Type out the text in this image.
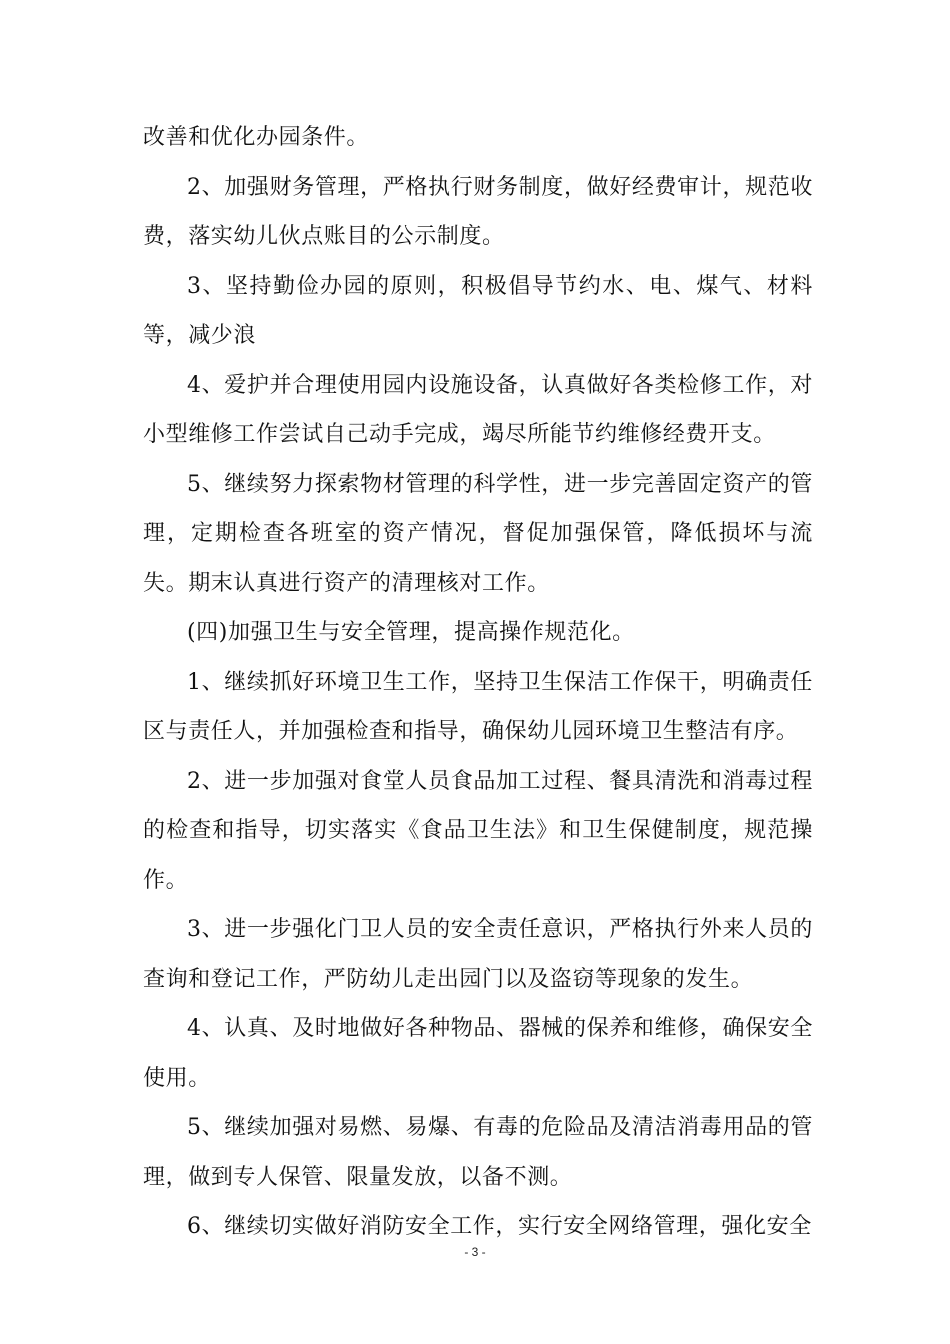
改善和优化办园条件。

2、加强财务管理，严格执行财务制度，做好经费审计，规范收费，落实幼儿伙点账目的公示制度。

3、坚持勤俭办园的原则，积极倡导节约水、电、煤气、材料等，减少浪

4、爱护并合理使用园内设施设备，认真做好各类检修工作，对小型维修工作尝试自己动手完成，竭尽所能节约维修经费开支。

5、继续努力探索物材管理的科学性，进一步完善固定资产的管理，定期检查各班室的资产情况，督促加强保管，降低损坏与流失。期末认真进行资产的清理核对工作。

(四)加强卫生与安全管理，提高操作规范化。

1、继续抓好环境卫生工作，坚持卫生保洁工作保干，明确责任区与责任人，并加强检查和指导，确保幼儿园环境卫生整洁有序。

2、进一步加强对食堂人员食品加工过程、餐具清洗和消毒过程的检查和指导，切实落实《食品卫生法》和卫生保健制度，规范操作。

3、进一步强化门卫人员的安全责任意识，严格执行外来人员的查询和登记工作，严防幼儿走出园门以及盗窃等现象的发生。

4、认真、及时地做好各种物品、器械的保养和维修，确保安全使用。

5、继续加强对易燃、易爆、有毒的危险品及清洁消毒用品的管理，做到专人保管、限量发放，以备不测。

6、继续切实做好消防安全工作，实行安全网络管理，强化安全

- 3 -
